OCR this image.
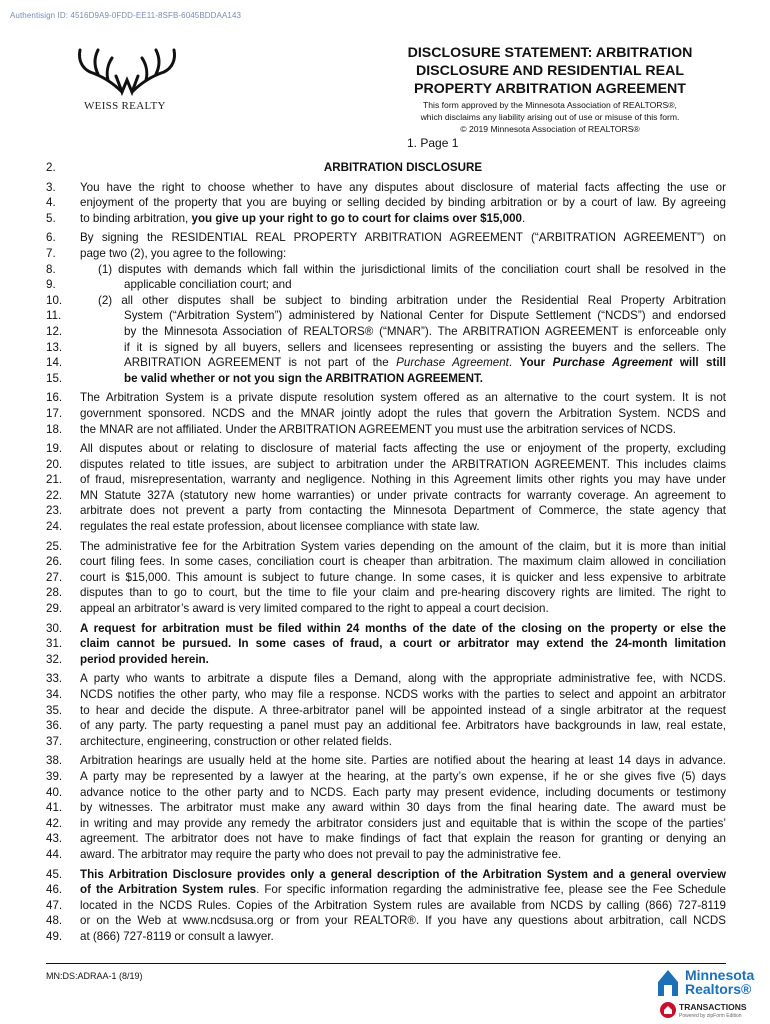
Authentisign ID: 4516D9A9-0FDD-EE11-8SFB-6045BDDAA143
WEISS REALTY
DISCLOSURE STATEMENT: ARBITRATION
DISCLOSURE AND RESIDENTIAL REAL
PROPERTY ARBITRATION AGREEMENT
This form approved by the Minnesota Association of REALTORS®,
which disclaims any liability arising out of use or misuse of this form.
© 2019 Minnesota Association of REALTORS®
1. Page 1
2.	ARBITRATION DISCLOSURE
3.	You have the right to choose whether to have any disputes about disclosure of material facts affecting the use or
4.	enjoyment of the property that you are buying or selling decided by binding arbitration or by a court of law. By agreeing
5.	to binding arbitration, you give up your right to go to court for claims over $15,000.
6.	By signing the RESIDENTIAL REAL PROPERTY ARBITRATION AGREEMENT (“ARBITRATION AGREEMENT”) on
7.	page two (2), you agree to the following:
8.	(1) disputes with demands which fall within the jurisdictional limits of the conciliation court shall be resolved in the
9.	applicable conciliation court; and
10.	(2) all other disputes shall be subject to binding arbitration under the Residential Real Property Arbitration
11.	System (“Arbitration System”) administered by National Center for Dispute Settlement (“NCDS”) and endorsed
12.	by the Minnesota Association of REALTORS® (“MNAR”). The ARBITRATION AGREEMENT is enforceable only
13.	if it is signed by all buyers, sellers and licensees representing or assisting the buyers and the sellers. The
14.	ARBITRATION AGREEMENT is not part of the Purchase Agreement. Your Purchase Agreement will still
15.	be valid whether or not you sign the ARBITRATION AGREEMENT.
16.	The Arbitration System is a private dispute resolution system offered as an alternative to the court system. It is not
17.	government sponsored. NCDS and the MNAR jointly adopt the rules that govern the Arbitration System. NCDS and
18.	the MNAR are not affiliated. Under the ARBITRATION AGREEMENT you must use the arbitration services of NCDS.
19.	All disputes about or relating to disclosure of material facts affecting the use or enjoyment of the property, excluding
20.	disputes related to title issues, are subject to arbitration under the ARBITRATION AGREEMENT. This includes claims
21.	of fraud, misrepresentation, warranty and negligence. Nothing in this Agreement limits other rights you may have under
22.	MN Statute 327A (statutory new home warranties) or under private contracts for warranty coverage. An agreement to
23.	arbitrate does not prevent a party from contacting the Minnesota Department of Commerce, the state agency that
24.	regulates the real estate profession, about licensee compliance with state law.
25.	The administrative fee for the Arbitration System varies depending on the amount of the claim, but it is more than initial
26.	court filing fees. In some cases, conciliation court is cheaper than arbitration. The maximum claim allowed in conciliation
27.	court is $15,000. This amount is subject to future change. In some cases, it is quicker and less expensive to arbitrate
28.	disputes than to go to court, but the time to file your claim and pre-hearing discovery rights are limited. The right to
29.	appeal an arbitrator’s award is very limited compared to the right to appeal a court decision.
30.	A request for arbitration must be filed within 24 months of the date of the closing on the property or else the
31.	claim cannot be pursued. In some cases of fraud, a court or arbitrator may extend the 24-month limitation
32.	period provided herein.
33.	A party who wants to arbitrate a dispute files a Demand, along with the appropriate administrative fee, with NCDS.
34.	NCDS notifies the other party, who may file a response. NCDS works with the parties to select and appoint an arbitrator
35.	to hear and decide the dispute. A three-arbitrator panel will be appointed instead of a single arbitrator at the request
36.	of any party. The party requesting a panel must pay an additional fee. Arbitrators have backgrounds in law, real estate,
37.	architecture, engineering, construction or other related fields.
38.	Arbitration hearings are usually held at the home site. Parties are notified about the hearing at least 14 days in advance.
39.	A party may be represented by a lawyer at the hearing, at the party’s own expense, if he or she gives five (5) days
40.	advance notice to the other party and to NCDS. Each party may present evidence, including documents or testimony
41.	by witnesses. The arbitrator must make any award within 30 days from the final hearing date. The award must be
42.	in writing and may provide any remedy the arbitrator considers just and equitable that is within the scope of the parties’
43.	agreement. The arbitrator does not have to make findings of fact that explain the reason for granting or denying an
44.	award. The arbitrator may require the party who does not prevail to pay the administrative fee.
45.	This Arbitration Disclosure provides only a general description of the Arbitration System and a general overview
46.	of the Arbitration System rules. For specific information regarding the administrative fee, please see the Fee Schedule
47.	located in the NCDS Rules. Copies of the Arbitration System rules are available from NCDS by calling (866) 727-8119
48.	or on the Web at www.ncdsusa.org or from your REALTOR®. If you have any questions about arbitration, call NCDS
49.	at (866) 727-8119 or consult a lawyer.
MN:DS:ADRAA-1 (8/19)	Minnesota
Realtors®
TRANSACTIONS
Powered by zipForm Edition
